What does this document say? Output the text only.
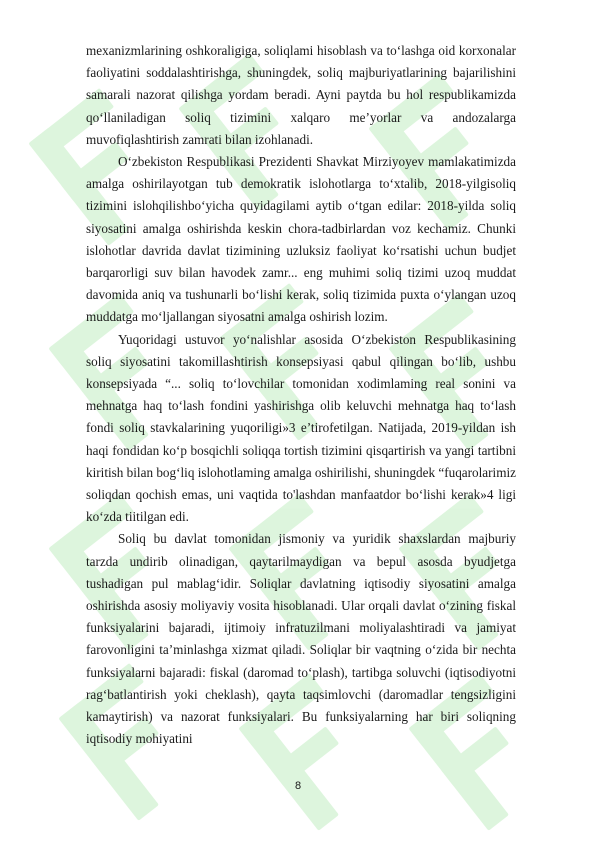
mexanizmlarining oshkoraligiga, soliqlami hisoblash va to‘lashga oid korxonalar faoliyatini soddalashtirishga, shuningdek, soliq majburiyatlarining bajarilishini samarali nazorat qilishga yordam beradi. Ayni paytda bu hol respublikamizda qo‘llaniladigan soliq tizimini xalqaro me’yorlar va andozalarga muvofiqlashtirish zamrati bilan izohlanadi.

O‘zbekiston Respublikasi Prezidenti Shavkat Mirziyoyev mamlakatimizda amalga oshirilayotgan tub demokratik islohotlarga to‘xtalib, 2018-yilgisoliq tizimini islohqilishbo‘yicha quyidagilami aytib o‘tgan edilar: 2018-yilda soliq siyosatini amalga oshirishda keskin chora-tadbirlardan voz kechamiz. Chunki islohotlar davrida davlat tizimining uzluksiz faoliyat ko‘rsatishi uchun budjet barqarorligi suv bilan havodek zamr... eng muhimi soliq tizimi uzoq muddat davomida aniq va tushunarli bo‘lishi kerak, soliq tizimida puxta o‘ylangan uzoq muddatga mo‘ljallangan siyosatni amalga oshirish lozim.

Yuqoridagi ustuvor yo‘nalishlar asosida O‘zbekiston Respublikasining soliq siyosatini takomillashtirish konsepsiyasi qabul qilingan bo‘lib, ushbu konsepsiyada “... soliq to‘lovchilar tomonidan xodimlaming real sonini va mehnatga haq to‘lash fondini yashirishga olib keluvchi mehnatga haq to‘lash fondi soliq stavkalarining yuqoriligi»3 e’tirofetilgan. Natijada, 2019-yildan ish haqi fondidan ko‘p bosqichli soliqqa tortish tizimini qisqartirish va yangi tartibni kiritish bilan bog‘liq islohotlaming amalga oshirilishi, shuningdek “fuqarolarimiz soliqdan qochish emas, uni vaqtida to'lashdan manfaatdor bo‘lishi kerak»4 ligi ko‘zda tiitilgan edi.

Soliq bu davlat tomonidan jismoniy va yuridik shaxslardan majburiy tarzda undirib olinadigan, qaytarilmaydigan va bepul asosda byudjetga tushadigan pul mablag‘idir. Soliqlar davlatning iqtisodiy siyosatini amalga oshirishda asosiy moliyaviy vosita hisoblanadi. Ular orqali davlat o‘zining fiskal funksiyalarini bajaradi, ijtimoiy infratuzilmani moliyalashtiradi va jamiyat farovonligini ta’minlashga xizmat qiladi. Soliqlar bir vaqtning o‘zida bir nechta funksiyalarni bajaradi: fiskal (daromad to‘plash), tartibga soluvchi (iqtisodiyotni rag‘batlantirish yoki cheklash), qayta taqsimlovchi (daromadlar tengsizligini kamaytirish) va nazorat funksiyalari. Bu funksiyalarning har biri soliqning iqtisodiy mohiyatini

8
